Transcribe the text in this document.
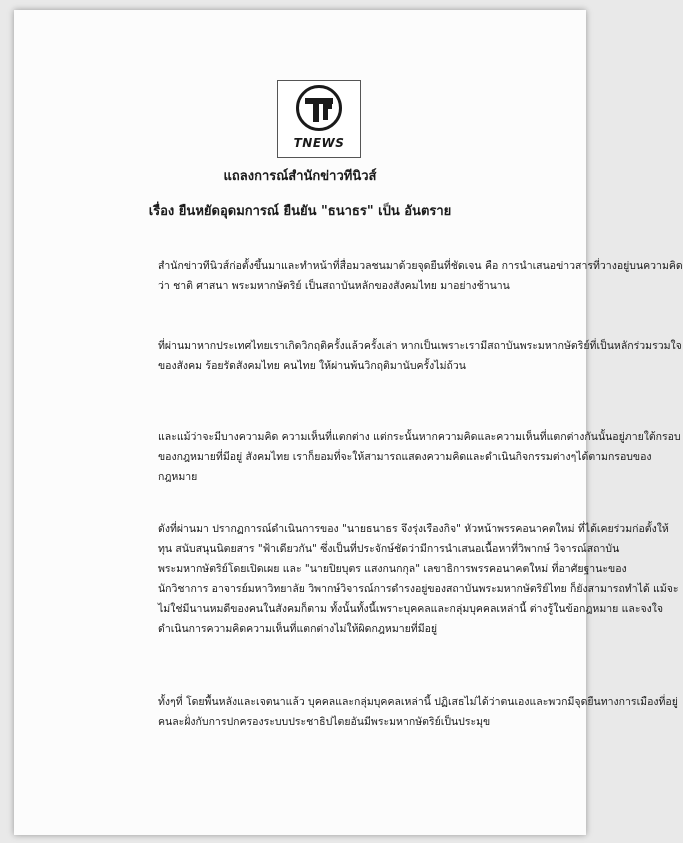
TNEWS
แถลงการณ์สำนักข่าวทีนิวส์
เรื่อง ยืนหยัดอุดมการณ์ ยืนยัน "ธนาธร" เป็น อันตราย
สำนักข่าวทีนิวส์ก่อตั้งขึ้นมาและทำหน้าที่สื่อมวลชนมาด้วยจุดยืนที่ชัดเจน คือ การนำเสนอข่าวสารที่วางอยู่บนความคิด
ว่า ชาติ ศาสนา พระมหากษัตริย์ เป็นสถาบันหลักของสังคมไทย มาอย่างช้านาน
ที่ผ่านมาหากประเทศไทยเราเกิดวิกฤติครั้งแล้วครั้งเล่า หากเป็นเพราะเรามีสถาบันพระมหากษัตริย์ที่เป็นหลักร่วมรวมใจ
ของสังคม ร้อยรัดสังคมไทย คนไทย ให้ผ่านพ้นวิกฤติมานับครั้งไม่ถ้วน
และแม้ว่าจะมีบางความคิด ความเห็นที่แตกต่าง แต่กระนั้นหากความคิดและความเห็นที่แตกต่างกันนั้นอยู่ภายใต้กรอบ
ของกฎหมายที่มีอยู่ สังคมไทย เราก็ยอมที่จะให้สามารถแสดงความคิดและดำเนินกิจกรรมต่างๆได้ตามกรอบของ
กฎหมาย
ดังที่ผ่านมา ปรากฏการณ์ดำเนินการของ "นายธนาธร จึงรุ่งเรืองกิจ" หัวหน้าพรรคอนาคตใหม่ ที่ได้เคยร่วมก่อตั้งให้
ทุน สนับสนุนนิตยสาร "ฟ้าเดียวกัน" ซึ่งเป็นที่ประจักษ์ชัดว่ามีการนำเสนอเนื้อหาที่วิพากษ์ วิจารณ์สถาบัน
พระมหากษัตริย์โดยเปิดเผย และ "นายปิยบุตร แสงกนกกุล" เลขาธิการพรรคอนาคตใหม่ ที่อาศัยฐานะของ
นักวิชาการ อาจารย์มหาวิทยาลัย วิพากษ์วิจารณ์การดำรงอยู่ของสถาบันพระมหากษัตริย์ไทย ก็ยังสามารถทำได้ แม้จะ
ไม่ใช่มีนานหมดีของคนในสังคมก็ตาม ทั้งนั้นทั้งนี้เพราะบุคคลและกลุ่มบุคคลเหล่านี้ ต่างรู้ในข้อกฎหมาย และจงใจ
ดำเนินการความคิดความเห็นที่แตกต่างไม่ให้ผิดกฎหมายที่มีอยู่
ทั้งๆที่ โดยพื้นหลังและเจตนาแล้ว บุคคลและกลุ่มบุคคลเหล่านี้ ปฏิเสธไม่ได้ว่าตนเองและพวกมีจุดยืนทางการเมืองที่อยู่
คนละฝั่งกับการปกครองระบบประชาธิปไตยอันมีพระมหากษัตริย์เป็นประมุข
